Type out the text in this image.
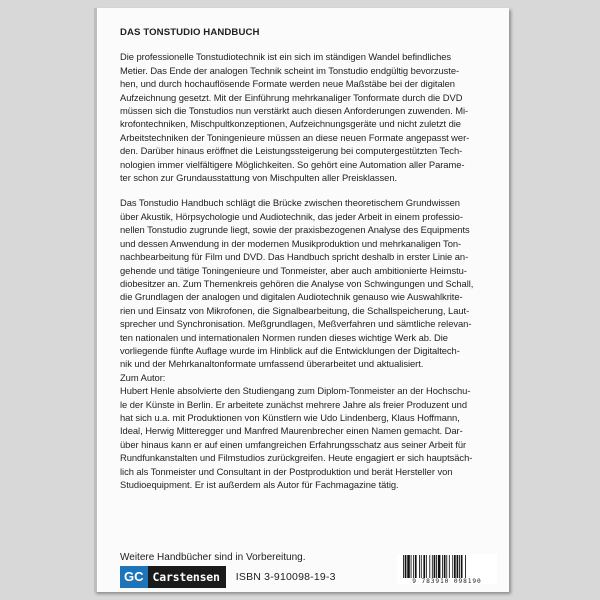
DAS TONSTUDIO HANDBUCH
Die professionelle Tonstudiotechnik ist ein sich im ständigen Wandel befindliches
Metier. Das Ende der analogen Technik scheint im Tonstudio endgültig bevorzuste-
hen, und durch hochauflösende Formate werden neue Maßstäbe bei der digitalen
Aufzeichnung gesetzt. Mit der Einführung mehrkanaliger Tonformate durch die DVD
müssen sich die Tonstudios nun verstärkt auch diesen Anforderungen zuwenden. Mi-
krofontechniken, Mischpultkonzeptionen, Aufzeichnungsgeräte und nicht zuletzt die
Arbeitstechniken der Toningenieure müssen an diese neuen Formate angepasst wer-
den. Darüber hinaus eröffnet die Leistungssteigerung bei computergestützten Tech-
nologien immer vielfältigere Möglichkeiten. So gehört eine Automation aller Parame-
ter schon zur Grundausstattung von Mischpulten aller Preisklassen.
Das Tonstudio Handbuch schlägt die Brücke zwischen theoretischem Grundwissen
über Akustik, Hörpsychologie und Audiotechnik, das jeder Arbeit in einem professio-
nellen Tonstudio zugrunde liegt, sowie der praxisbezogenen Analyse des Equipments
und dessen Anwendung in der modernen Musikproduktion und mehrkanaligen Ton-
nachbearbeitung für Film und DVD. Das Handbuch spricht deshalb in erster Linie an-
gehende und tätige Toningenieure und Tonmeister, aber auch ambitionierte Heimstu-
diobesitzer an. Zum Themenkreis gehören die Analyse von Schwingungen und Schall,
die Grundlagen der analogen und digitalen Audiotechnik genauso wie Auswahlkrite-
rien und Einsatz von Mikrofonen, die Signalbearbeitung, die Schallspeicherung, Laut-
sprecher und Synchronisation. Meßgrundlagen, Meßverfahren und sämtliche relevan-
ten nationalen und internationalen Normen runden dieses wichtige Werk ab. Die
vorliegende fünfte Auflage wurde im Hinblick auf die Entwicklungen der Digitaltech-
nik und der Mehrkanaltonformate umfassend überarbeitet und aktualisiert.
Zum Autor:
Hubert Henle absolvierte den Studiengang zum Diplom-Tonmeister an der Hochschu-
le der Künste in Berlin. Er arbeitete zunächst mehrere Jahre als freier Produzent und
hat sich u.a. mit Produktionen von Künstlern wie Udo Lindenberg, Klaus Hoffmann,
Ideal, Herwig Mitteregger und Manfred Maurenbrecher einen Namen gemacht. Dar-
über hinaus kann er auf einen umfangreichen Erfahrungsschatz aus seiner Arbeit für
Rundfunkanstalten und Filmstudios zurückgreifen. Heute engagiert er sich hauptsäch-
lich als Tonmeister und Consultant in der Postproduktion und berät Hersteller von
Studioequipment. Er ist außerdem als Autor für Fachmagazine tätig.
Weitere Handbücher sind in Vorbereitung.
GC Carstensen	ISBN 3-910098-19-3	9 783910 098190
